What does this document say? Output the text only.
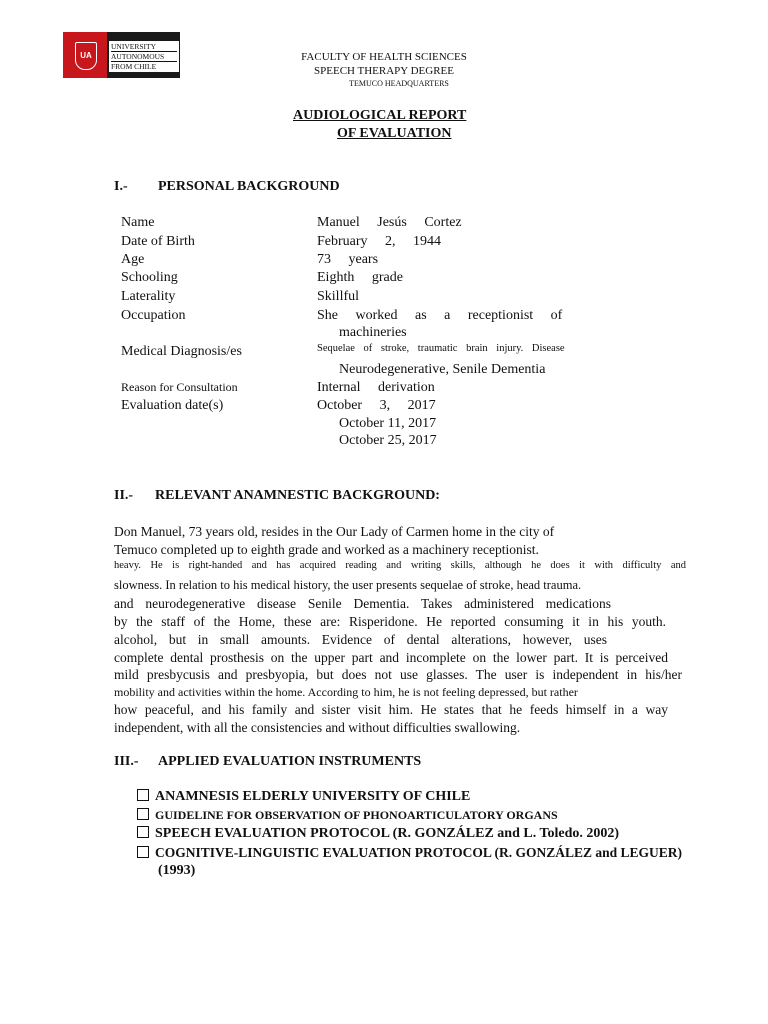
UA
UNIVERSITY
AUTONOMOUS
FROM CHILE
FACULTY OF HEALTH SCIENCES
SPEECH THERAPY DEGREE
TEMUCO HEADQUARTERS
AUDIOLOGICAL REPORT
OF EVALUATION
I.- PERSONAL BACKGROUND
Name	Manuel     Jesús     Cortez
Date of Birth	February     2,     1944
Age	73     years
Schooling	Eighth     grade
Laterality	Skillful
Occupation	She     worked     as     a     receptionist     of
machineries
Medical Diagnosis/es	Sequelae of stroke, traumatic brain injury. Disease
Neurodegenerative, Senile Dementia
Reason for Consultation	Internal     derivation
Evaluation date(s)	October     3,     2017
October 11, 2017
October 25, 2017
II.- RELEVANT ANAMNESTIC BACKGROUND:
Don Manuel, 73 years old, resides in the Our Lady of Carmen home in the city of
Temuco completed up to eighth grade and worked as a machinery receptionist.
heavy. He is right-handed and has acquired reading and writing skills, although he does it with difficulty and
slowness. In relation to his medical history, the user presents sequelae of stroke, head trauma.
and neurodegenerative disease Senile Dementia. Takes administered medications
by the staff of the Home, these are: Risperidone. He reported consuming it in his youth.
alcohol, but in small amounts. Evidence of dental alterations, however, uses
complete dental prosthesis on the upper part and incomplete on the lower part. It is perceived
mild presbycusis and presbyopia, but does not use glasses. The user is independent in his/her
mobility and activities within the home. According to him, he is not feeling depressed, but rather
how peaceful, and his family and sister visit him. He states that he feeds himself in a way
independent, with all the consistencies and without difficulties swallowing.
III.- APPLIED EVALUATION INSTRUMENTS
ANAMNESIS ELDERLY UNIVERSITY OF CHILE
GUIDELINE FOR OBSERVATION OF PHONOARTICULATORY ORGANS
SPEECH EVALUATION PROTOCOL (R. GONZÁLEZ and L. Toledo. 2002)
COGNITIVE-LINGUISTIC EVALUATION PROTOCOL (R. GONZÁLEZ and LEGUER)
(1993)
